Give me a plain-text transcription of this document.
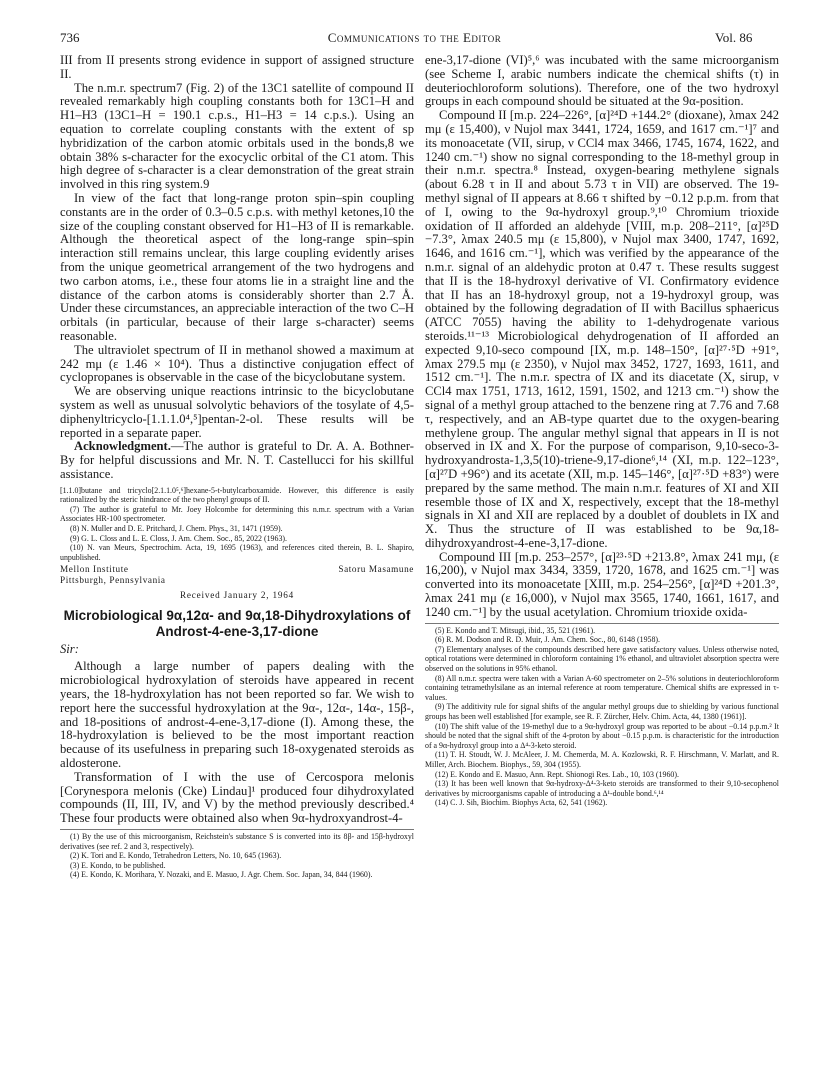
736	Communications to the Editor	Vol. 86

III from II presents strong evidence in support of assigned structure II.

The n.m.r. spectrum7 (Fig. 2) of the 13C1 satellite of compound II revealed remarkably high coupling constants both for 13C1–H and H1–H3 (13C1–H = 190.1 c.p.s., H1–H3 = 14 c.p.s.). Using an equation to correlate coupling constants with the extent of sp hybridization of the carbon atomic orbitals used in the bonds,8 we obtain 38% s-character for the exocyclic orbital of the C1 atom. This high degree of s-character is a clear demonstration of the great strain involved in this ring system.9

In view of the fact that long-range proton spin–spin coupling constants are in the order of 0.3–0.5 c.p.s. with methyl ketones,10 the size of the coupling constant observed for H1–H3 of II is remarkable. Although the theoretical aspect of the long-range spin–spin interaction still remains unclear, this large coupling evidently arises from the unique geometrical arrangement of the two hydrogens and two carbon atoms, i.e., these four atoms lie in a straight line and the distance of the carbon atoms is considerably shorter than 2.7 Å. Under these circumstances, an appreciable interaction of the two C–H orbitals (in particular, because of their large s-character) seems reasonable.

The ultraviolet spectrum of II in methanol showed a maximum at 242 mμ (ε 1.46 × 10⁴). Thus a distinctive conjugation effect of cyclopropanes is observable in the case of the bicyclobutane system.

We are observing unique reactions intrinsic to the bicyclobutane system as well as unusual solvolytic behaviors of the tosylate of 4,5-diphenyltricyclo-[1.1.1.0⁴,⁵]pentan-2-ol. These results will be reported in a separate paper.

Acknowledgment.—The author is grateful to Dr. A. A. Bothner-By for helpful discussions and Mr. N. T. Castellucci for his skillful assistance.

[1.1.0]butane and tricyclo[2.1.1.0⁵,⁶]hexane-5-t-butylcarboxamide. However, this difference is easily rationalized by the steric hindrance of the two phenyl groups of II.

(7) The author is grateful to Mr. Joey Holcombe for determining this n.m.r. spectrum with a Varian Associates HR-100 spectrometer.

(8) N. Muller and D. E. Pritchard, J. Chem. Phys., 31, 1471 (1959).

(9) G. L. Closs and L. E. Closs, J. Am. Chem. Soc., 85, 2022 (1963).

(10) N. van Meurs, Spectrochim. Acta, 19, 1695 (1963), and references cited therein, B. L. Shapiro, unpublished.

Mellon Institute
Pittsburgh, Pennsylvania
Satoru Masamune
Received January 2, 1964

Microbiological 9α,12α- and 9α,18-Dihydroxylations of Androst-4-ene-3,17-dione

Sir:

Although a large number of papers dealing with the microbiological hydroxylation of steroids have appeared in recent years, the 18-hydroxylation has not been reported so far. We wish to report here the successful hydroxylation at the 9α-, 12α-, 14α-, 15β-, and 18-positions of androst-4-ene-3,17-dione (I). Among these, the 18-hydroxylation is believed to be the most important reaction because of its usefulness in preparing such 18-oxygenated steroids as aldosterone.

Transformation of I with the use of Cercospora melonis [Corynespora melonis (Cke) Lindau]¹ produced four dihydroxylated compounds (II, III, IV, and V) by the method previously described.⁴ These four products were obtained also when 9α-hydroxyandrost-4-

(1) By the use of this microorganism, Reichstein's substance S is converted into its 8β- and 15β-hydroxyl derivatives (see ref. 2 and 3, respectively).

(2) K. Tori and E. Kondo, Tetrahedron Letters, No. 10, 645 (1963).

(3) E. Kondo, to be published.

(4) E. Kondo, K. Morihara, Y. Nozaki, and E. Masuo, J. Agr. Chem. Soc. Japan, 34, 844 (1960).

ene-3,17-dione (VI)⁵,⁶ was incubated with the same microorganism (see Scheme I, arabic numbers indicate the chemical shifts (τ) in deuteriochloroform solutions). Therefore, one of the two hydroxyl groups in each compound should be situated at the 9α-position.

Compound II [m.p. 224–226°, [α]²⁴D +144.2° (dioxane), λmax 242 mμ (ε 15,400), ν Nujol max 3441, 1724, 1659, and 1617 cm.⁻¹]⁷ and its monoacetate (VII, sirup, ν CCl4 max 3466, 1745, 1674, 1622, and 1240 cm.⁻¹) show no signal corresponding to the 18-methyl group in their n.m.r. spectra.⁸ Instead, oxygen-bearing methylene signals (about 6.28 τ in II and about 5.73 τ in VII) are observed. The 19-methyl signal of II appears at 8.66 τ shifted by −0.12 p.p.m. from that of I, owing to the 9α-hydroxyl group.⁹,¹⁰ Chromium trioxide oxidation of II afforded an aldehyde [VIII, m.p. 208–211°, [α]²⁵D −7.3°, λmax 240.5 mμ (ε 15,800), ν Nujol max 3400, 1747, 1692, 1646, and 1616 cm.⁻¹], which was verified by the appearance of the n.m.r. signal of an aldehydic proton at 0.47 τ. These results suggest that II is the 18-hydroxyl derivative of VI. Confirmatory evidence that II has an 18-hydroxyl group, not a 19-hydroxyl group, was obtained by the following degradation of II with Bacillus sphaericus (ATCC 7055) having the ability to 1-dehydrogenate various steroids.¹¹⁻¹³ Microbiological dehydrogenation of II afforded an expected 9,10-seco compound [IX, m.p. 148–150°, [α]²⁷·⁵D +91°, λmax 279.5 mμ (ε 2350), ν Nujol max 3452, 1727, 1693, 1611, and 1512 cm.⁻¹]. The n.m.r. spectra of IX and its diacetate (X, sirup, ν CCl4 max 1751, 1713, 1612, 1591, 1502, and 1213 cm.⁻¹) show the signal of a methyl group attached to the benzene ring at 7.76 and 7.68 τ, respectively, and an AB-type quartet due to the oxygen-bearing methylene group. The angular methyl signal that appears in II is not observed in IX and X. For the purpose of comparison, 9,10-seco-3-hydroxyandrosta-1,3,5(10)-triene-9,17-dione⁶,¹⁴ (XI, m.p. 122–123°, [α]²⁷D +96°) and its acetate (XII, m.p. 145–146°, [α]²⁷·⁵D +83°) were prepared by the same method. The main n.m.r. features of XI and XII resemble those of IX and X, respectively, except that the 18-methyl signals in XI and XII are replaced by a doublet of doublets in IX and X. Thus the structure of II was established to be 9α,18-dihydroxyandrost-4-ene-3,17-dione.

Compound III [m.p. 253–257°, [α]²³·⁵D +213.8°, λmax 241 mμ, (ε 16,200), ν Nujol max 3434, 3359, 1720, 1678, and 1625 cm.⁻¹] was converted into its monoacetate [XIII, m.p. 254–256°, [α]²⁴D +201.3°, λmax 241 mμ (ε 16,000), ν Nujol max 3565, 1740, 1661, 1617, and 1240 cm.⁻¹] by the usual acetylation. Chromium trioxide oxida-

(5) E. Kondo and T. Mitsugi, ibid., 35, 521 (1961).

(6) R. M. Dodson and R. D. Muir, J. Am. Chem. Soc., 80, 6148 (1958).

(7) Elementary analyses of the compounds described here gave satisfactory values. Unless otherwise noted, optical rotations were determined in chloroform containing 1% ethanol, and ultraviolet absorption spectra were observed on the solutions in 95% ethanol.

(8) All n.m.r. spectra were taken with a Varian A-60 spectrometer on 2–5% solutions in deuteriochloroform containing tetramethylsilane as an internal reference at room temperature. Chemical shifts are expressed in τ-values.

(9) The additivity rule for signal shifts of the angular methyl groups due to shielding by various functional groups has been well established [for example, see R. F. Zürcher, Helv. Chim. Acta, 44, 1380 (1961)].

(10) The shift value of the 19-methyl due to a 9α-hydroxyl group was reported to be about −0.14 p.p.m.² It should be noted that the signal shift of the 4-proton by about −0.15 p.p.m. is characteristic for the introduction of a 9α-hydroxyl group into a Δ⁴-3-keto steroid.

(11) T. H. Stoudt, W. J. McAleer, J. M. Chemerda, M. A. Kozlowski, R. F. Hirschmann, V. Marlatt, and R. Miller, Arch. Biochem. Biophys., 59, 304 (1955).

(12) E. Kondo and E. Masuo, Ann. Rept. Shionogi Res. Lab., 10, 103 (1960).

(13) It has been well known that 9α-hydroxy-Δ⁴-3-keto steroids are transformed to their 9,10-secophenol derivatives by microorganisms capable of introducing a Δ¹-double bond.⁶,¹⁴

(14) C. J. Sih, Biochim. Biophys Acta, 62, 541 (1962).
